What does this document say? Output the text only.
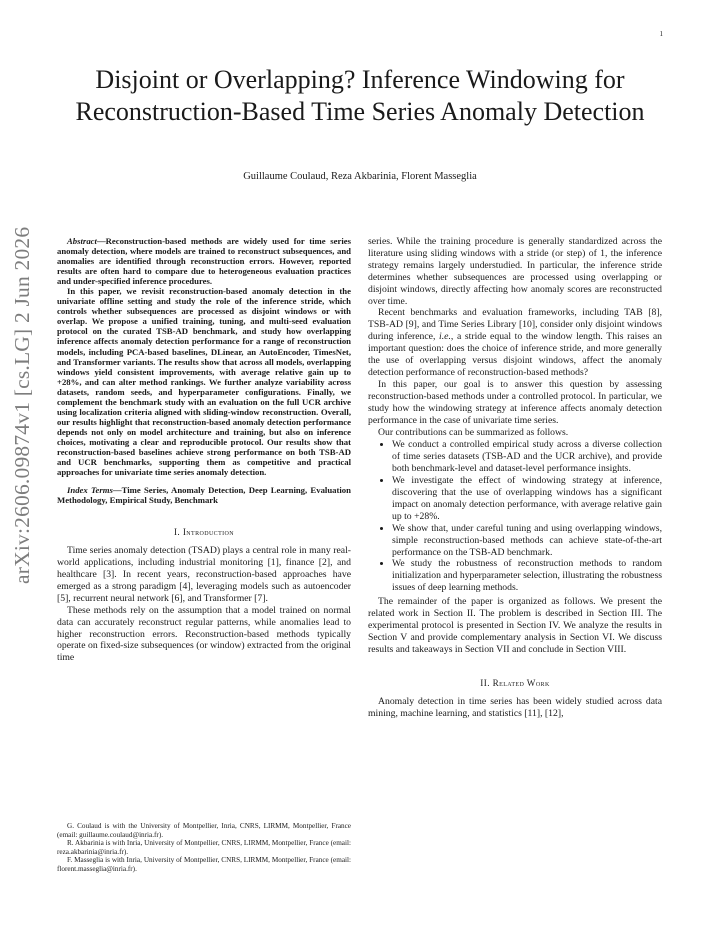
1
arXiv:2606.09874v1 [cs.LG] 2 Jun 2026
Disjoint or Overlapping? Inference Windowing for Reconstruction-Based Time Series Anomaly Detection
Guillaume Coulaud, Reza Akbarinia, Florent Masseglia

Abstract—Reconstruction-based methods are widely used for time series anomaly detection, where models are trained to reconstruct subsequences, and anomalies are identified through reconstruction errors. However, reported results are often hard to compare due to heterogeneous evaluation practices and under-specified inference procedures.

In this paper, we revisit reconstruction-based anomaly detection in the univariate offline setting and study the role of the inference stride, which controls whether subsequences are processed as disjoint windows or with overlap. We propose a unified training, tuning, and multi-seed evaluation protocol on the curated TSB-AD benchmark, and study how overlapping inference affects anomaly detection performance for a range of reconstruction models, including PCA-based baselines, DLinear, an AutoEncoder, TimesNet, and Transformer variants. The results show that across all models, overlapping windows yield consistent improvements, with average relative gain up to +28%, and can alter method rankings. We further analyze variability across datasets, random seeds, and hyperparameter configurations. Finally, we complement the benchmark study with an evaluation on the full UCR archive using localization criteria aligned with sliding-window reconstruction. Overall, our results highlight that reconstruction-based anomaly detection performance depends not only on model architecture and training, but also on inference choices, motivating a clear and reproducible protocol. Our results show that reconstruction-based baselines achieve strong performance on both TSB-AD and UCR benchmarks, supporting them as competitive and practical approaches for univariate time series anomaly detection.

Index Terms—Time Series, Anomaly Detection, Deep Learning, Evaluation Methodology, Empirical Study, Benchmark

I. Introduction

Time series anomaly detection (TSAD) plays a central role in many real-world applications, including industrial monitoring [1], finance [2], and healthcare [3]. In recent years, reconstruction-based approaches have emerged as a strong paradigm [4], leveraging models such as autoencoder [5], recurrent neural network [6], and Transformer [7].

These methods rely on the assumption that a model trained on normal data can accurately reconstruct regular patterns, while anomalies lead to higher reconstruction errors. Reconstruction-based methods typically operate on fixed-size subsequences (or window) extracted from the original time

G. Coulaud is with the University of Montpellier, Inria, CNRS, LIRMM, Montpellier, France (email: guillaume.coulaud@inria.fr).

R. Akbarinia is with Inria, University of Montpellier, CNRS, LIRMM, Montpellier, France (email: reza.akbarinia@inria.fr).

F. Masseglia is with Inria, University of Montpellier, CNRS, LIRMM, Montpellier, France (email: florent.masseglia@inria.fr).

series. While the training procedure is generally standardized across the literature using sliding windows with a stride (or step) of 1, the inference strategy remains largely understudied. In particular, the inference stride determines whether subsequences are processed using overlapping or disjoint windows, directly affecting how anomaly scores are reconstructed over time.

Recent benchmarks and evaluation frameworks, including TAB [8], TSB-AD [9], and Time Series Library [10], consider only disjoint windows during inference, i.e., a stride equal to the window length. This raises an important question: does the choice of inference stride, and more generally the use of overlapping versus disjoint windows, affect the anomaly detection performance of reconstruction-based methods?

In this paper, our goal is to answer this question by assessing reconstruction-based methods under a controlled protocol. In particular, we study how the windowing strategy at inference affects anomaly detection performance in the case of univariate time series.

Our contributions can be summarized as follows.

• We conduct a controlled empirical study across a diverse collection of time series datasets (TSB-AD and the UCR archive), and provide both benchmark-level and dataset-level performance insights.
• We investigate the effect of windowing strategy at inference, discovering that the use of overlapping windows has a significant impact on anomaly detection performance, with average relative gain up to +28%.
• We show that, under careful tuning and using overlapping windows, simple reconstruction-based methods can achieve state-of-the-art performance on the TSB-AD benchmark.
• We study the robustness of reconstruction methods to random initialization and hyperparameter selection, illustrating the robustness issues of deep learning methods.

The remainder of the paper is organized as follows. We present the related work in Section II. The problem is described in Section III. The experimental protocol is presented in Section IV. We analyze the results in Section V and provide complementary analysis in Section VI. We discuss results and takeaways in Section VII and conclude in Section VIII.

II. Related Work

Anomaly detection in time series has been widely studied across data mining, machine learning, and statistics [11], [12],
